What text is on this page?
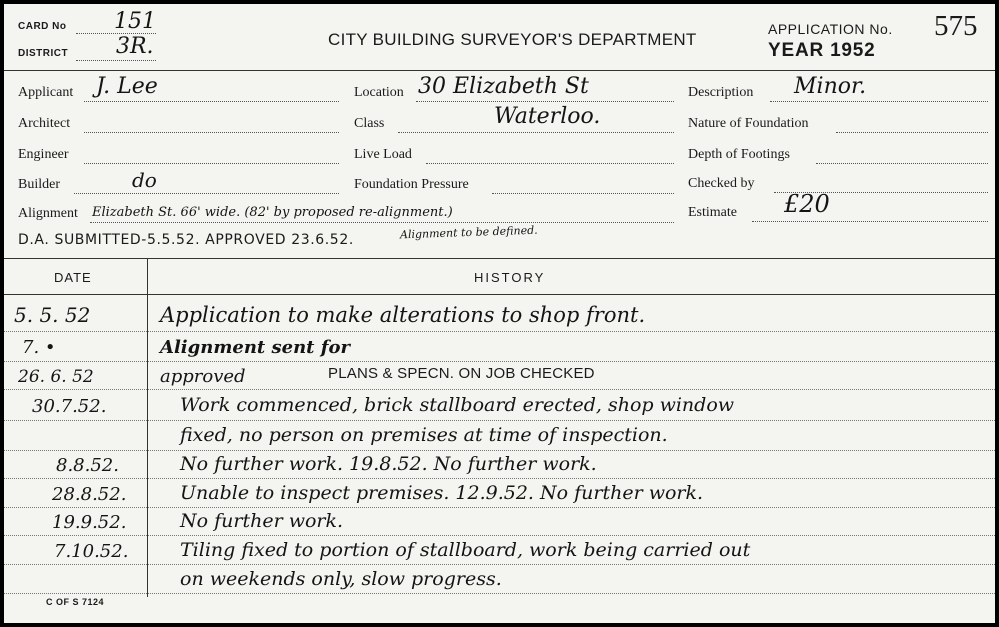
CARD No 151
DISTRICT 3R.	CITY BUILDING SURVEYOR'S DEPARTMENT
APPLICATION No. 575
YEAR 1952
Applicant J. Lee
Architect
Engineer
Builder	do
Location 30 Elizabeth St
Class	Waterloo.
Live Load
Foundation Pressure
Description Minor.
Nature of Foundation
Depth of Footings
Checked by
Estimate £20
Alignment Elizabeth St. 66' wide. (82' by proposed re-alignment.)
D.A. SUBMITTED-5.5.52. APPROVED 23.6.52.	Alignment to be defined.
DATE	HISTORY
5. 5. 52	Application to make alterations to shop front.
7. •	Alignment sent for
26. 6. 52	approved	PLANS & SPECN. ON JOB CHECKED
30.7.52.	Work commenced, brick stallboard erected, shop window
fixed, no person on premises at time of inspection.
8.8.52.	No further work. 19.8.52. No further work.
28.8.52.	Unable to inspect premises. 12.9.52. No further work.
19.9.52.	No further work.
7.10.52.	Tiling fixed to portion of stallboard, work being carried out
on weekends only, slow progress.
C OF S 7124
